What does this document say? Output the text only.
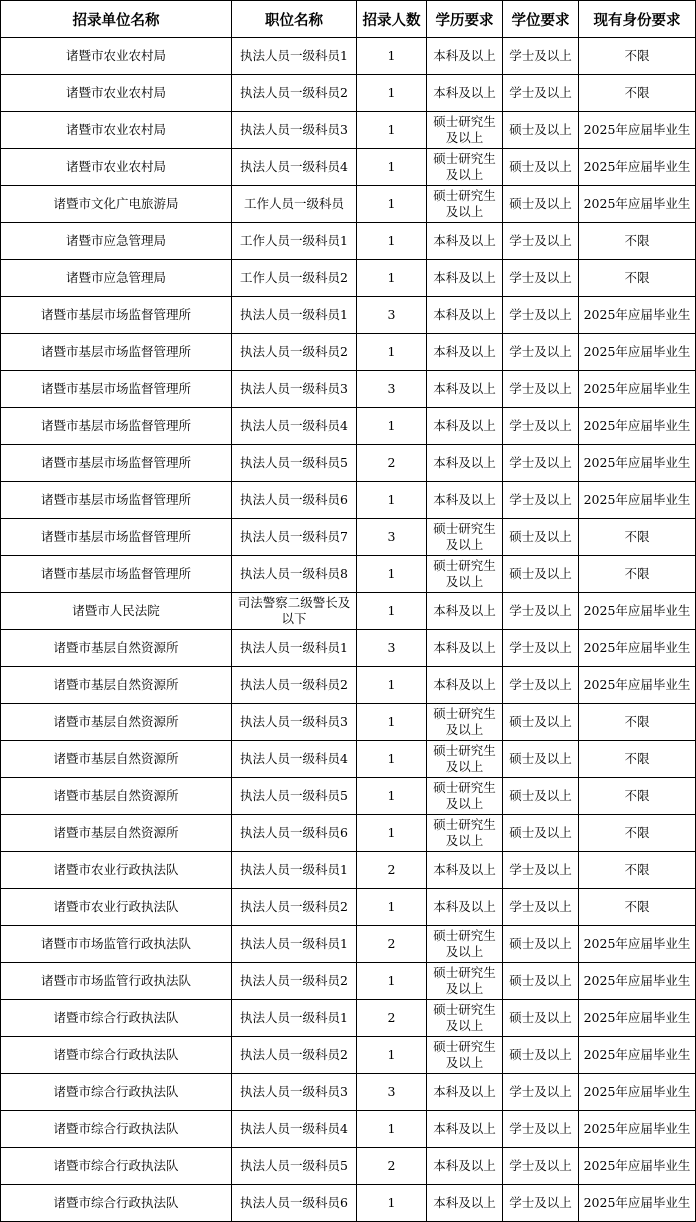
招录单位名称	职位名称	招录人数	学历要求	学位要求	现有身份要求
诸暨市农业农村局	执法人员一级科员1	1	本科及以上	学士及以上	不限
诸暨市农业农村局	执法人员一级科员2	1	本科及以上	学士及以上	不限
诸暨市农业农村局	执法人员一级科员3	1	硕士研究生及以上	硕士及以上	2025年应届毕业生
诸暨市农业农村局	执法人员一级科员4	1	硕士研究生及以上	硕士及以上	2025年应届毕业生
诸暨市文化广电旅游局	工作人员一级科员	1	硕士研究生及以上	硕士及以上	2025年应届毕业生
诸暨市应急管理局	工作人员一级科员1	1	本科及以上	学士及以上	不限
诸暨市应急管理局	工作人员一级科员2	1	本科及以上	学士及以上	不限
诸暨市基层市场监督管理所	执法人员一级科员1	3	本科及以上	学士及以上	2025年应届毕业生
诸暨市基层市场监督管理所	执法人员一级科员2	1	本科及以上	学士及以上	2025年应届毕业生
诸暨市基层市场监督管理所	执法人员一级科员3	3	本科及以上	学士及以上	2025年应届毕业生
诸暨市基层市场监督管理所	执法人员一级科员4	1	本科及以上	学士及以上	2025年应届毕业生
诸暨市基层市场监督管理所	执法人员一级科员5	2	本科及以上	学士及以上	2025年应届毕业生
诸暨市基层市场监督管理所	执法人员一级科员6	1	本科及以上	学士及以上	2025年应届毕业生
诸暨市基层市场监督管理所	执法人员一级科员7	3	硕士研究生及以上	硕士及以上	不限
诸暨市基层市场监督管理所	执法人员一级科员8	1	硕士研究生及以上	硕士及以上	不限
诸暨市人民法院	司法警察二级警长及以下	1	本科及以上	学士及以上	2025年应届毕业生
诸暨市基层自然资源所	执法人员一级科员1	3	本科及以上	学士及以上	2025年应届毕业生
诸暨市基层自然资源所	执法人员一级科员2	1	本科及以上	学士及以上	2025年应届毕业生
诸暨市基层自然资源所	执法人员一级科员3	1	硕士研究生及以上	硕士及以上	不限
诸暨市基层自然资源所	执法人员一级科员4	1	硕士研究生及以上	硕士及以上	不限
诸暨市基层自然资源所	执法人员一级科员5	1	硕士研究生及以上	硕士及以上	不限
诸暨市基层自然资源所	执法人员一级科员6	1	硕士研究生及以上	硕士及以上	不限
诸暨市农业行政执法队	执法人员一级科员1	2	本科及以上	学士及以上	不限
诸暨市农业行政执法队	执法人员一级科员2	1	本科及以上	学士及以上	不限
诸暨市市场监管行政执法队	执法人员一级科员1	2	硕士研究生及以上	硕士及以上	2025年应届毕业生
诸暨市市场监管行政执法队	执法人员一级科员2	1	硕士研究生及以上	硕士及以上	2025年应届毕业生
诸暨市综合行政执法队	执法人员一级科员1	2	硕士研究生及以上	硕士及以上	2025年应届毕业生
诸暨市综合行政执法队	执法人员一级科员2	1	硕士研究生及以上	硕士及以上	2025年应届毕业生
诸暨市综合行政执法队	执法人员一级科员3	3	本科及以上	学士及以上	2025年应届毕业生
诸暨市综合行政执法队	执法人员一级科员4	1	本科及以上	学士及以上	2025年应届毕业生
诸暨市综合行政执法队	执法人员一级科员5	2	本科及以上	学士及以上	2025年应届毕业生
诸暨市综合行政执法队	执法人员一级科员6	1	本科及以上	学士及以上	2025年应届毕业生
